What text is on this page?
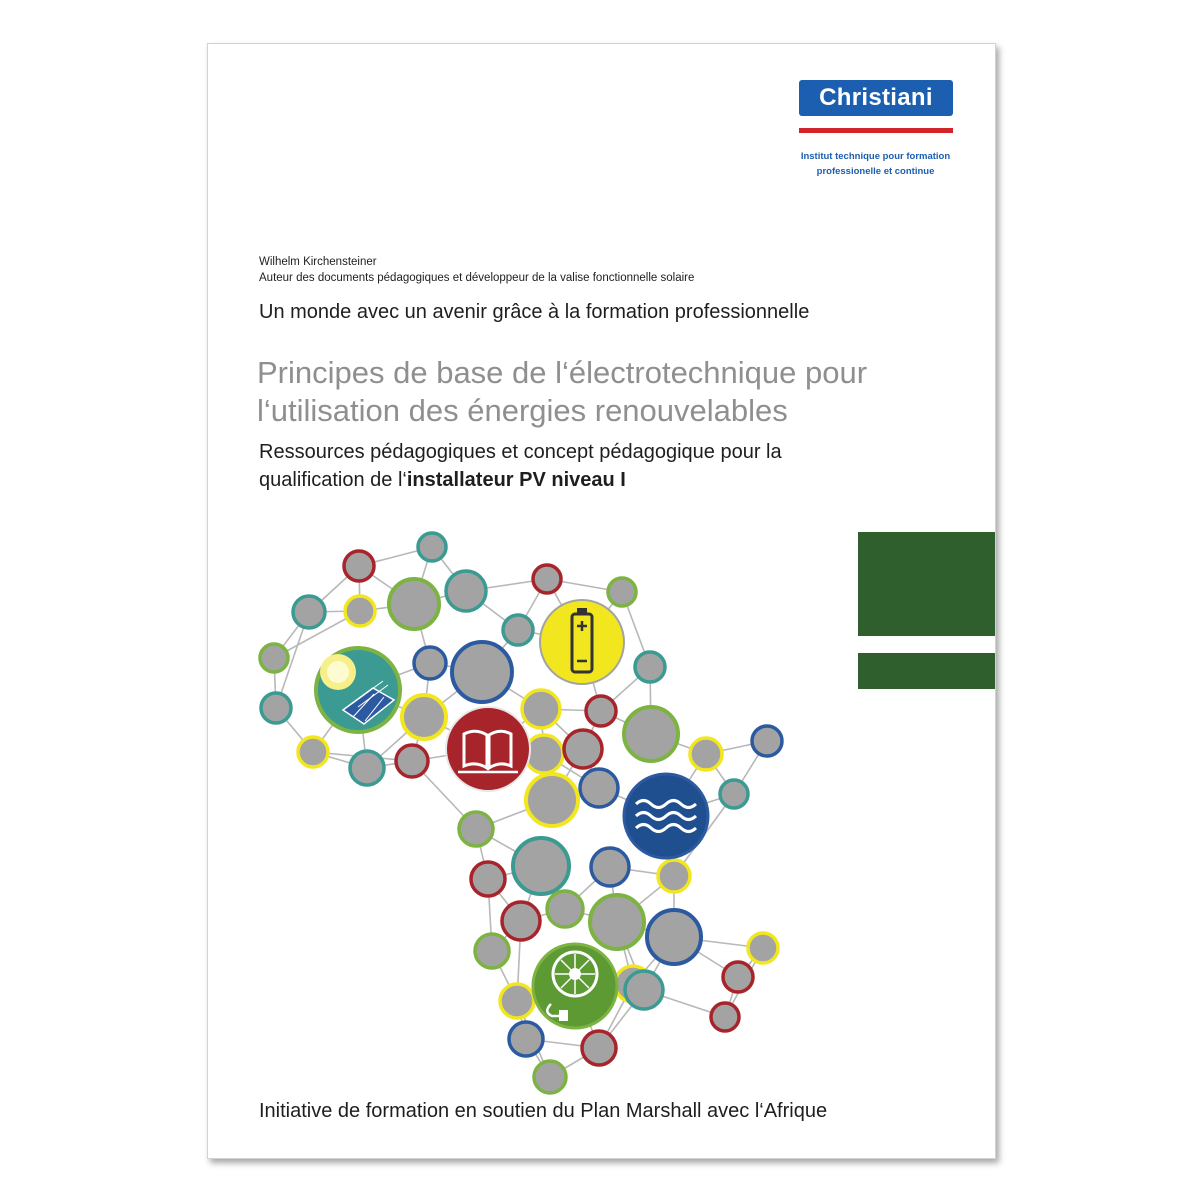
Christiani
Institut technique pour formation
professionelle et continue
Wilhelm Kirchensteiner
Auteur des documents pédagogiques et développeur de la valise fonctionnelle solaire
Un monde avec un avenir grâce à la formation professionnelle
Principes de base de l‘électrotechnique pour
l‘utilisation des énergies renouvelables
Ressources pédagogiques et concept pédagogique pour la
qualification de l‘installateur PV niveau I
Initiative de formation en soutien du Plan Marshall avec l‘Afrique
